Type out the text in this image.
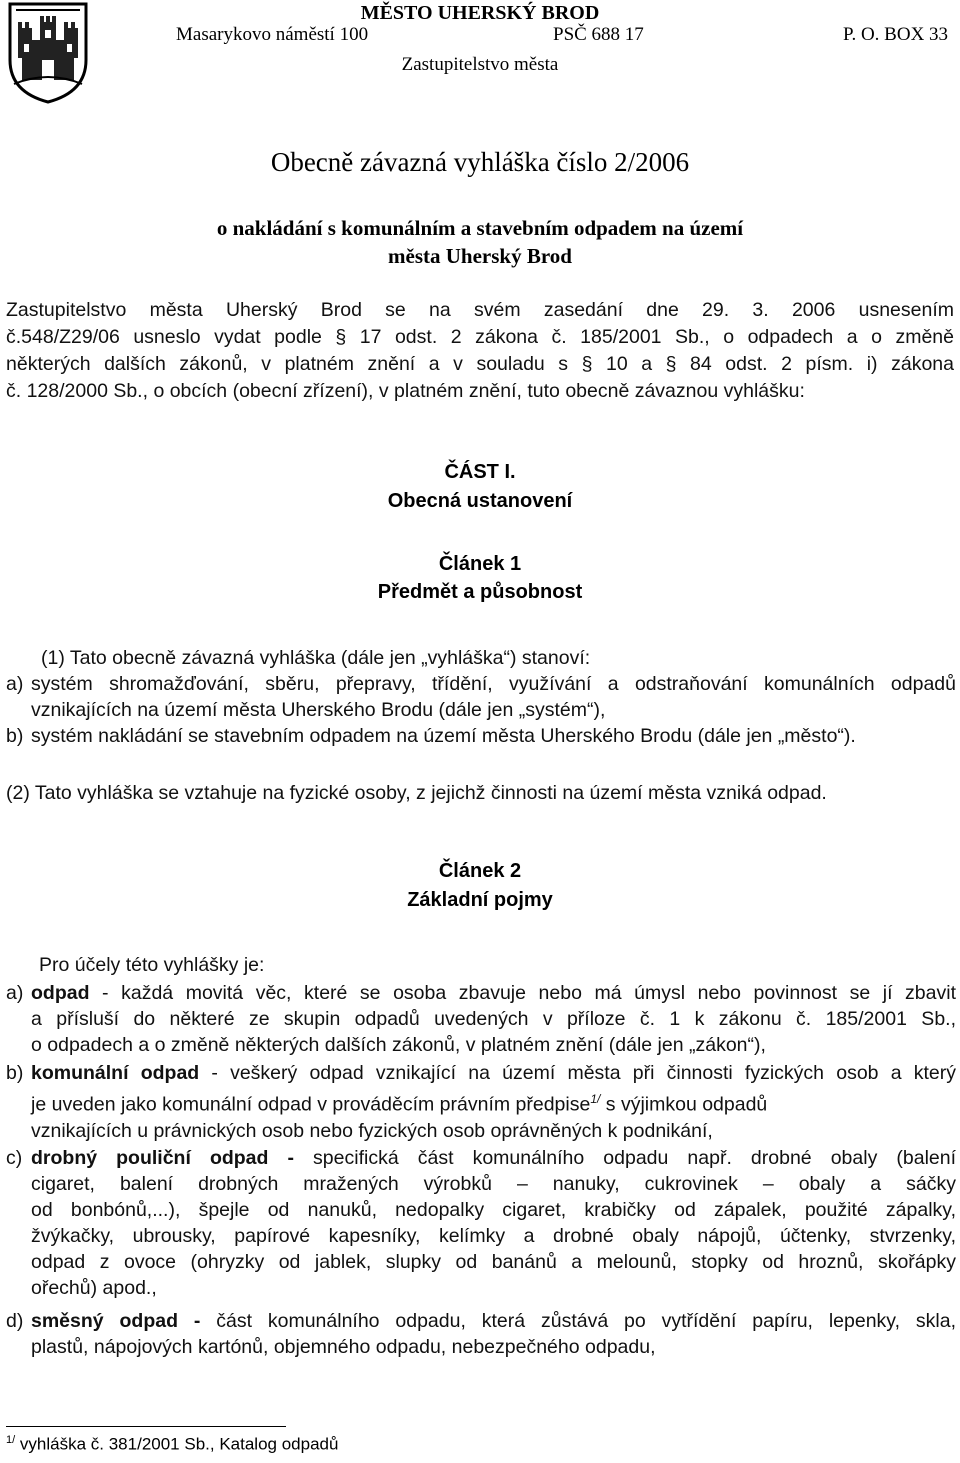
MĚSTO UHERSKÝ BROD
Masarykovo náměstí 100	PSČ 688 17	P. O. BOX 33
Zastupitelstvo města
Obecně závazná vyhláška číslo 2/2006
o nakládání s komunálním a stavebním odpadem na území
města Uherský Brod
Zastupitelstvo města Uherský Brod se na svém zasedání dne 29. 3. 2006 usnesením
č.548/Z29/06 usneslo vydat podle § 17 odst. 2 zákona č. 185/2001 Sb., o odpadech a o změně
některých dalších zákonů, v platném znění a v souladu s § 10 a § 84 odst. 2 písm. i) zákona
č. 128/2000 Sb., o obcích (obecní zřízení), v platném znění, tuto obecně závaznou vyhlášku:
ČÁST I.
Obecná ustanovení
Článek 1
Předmět a působnost
(1) Tato obecně závazná vyhláška (dále jen „vyhláška“) stanoví:
a) systém shromažďování, sběru, přepravy, třídění, využívání a odstraňování komunálních odpadů
vznikajících na území města Uherského Brodu (dále jen „systém“),
b) systém nakládání se stavebním odpadem na území města Uherského Brodu (dále jen „město“).
(2) Tato vyhláška se vztahuje na fyzické osoby, z jejichž činnosti na území města vzniká odpad.
Článek 2
Základní pojmy
Pro účely této vyhlášky je:
a) odpad - každá movitá věc, které se osoba zbavuje nebo má úmysl nebo povinnost se jí zbavit
a přísluší do některé ze skupin odpadů uvedených v příloze č. 1 k zákonu č. 185/2001 Sb.,
o odpadech a o změně některých dalších zákonů, v platném znění (dále jen „zákon“),
b) komunální odpad - veškerý odpad vznikající na území města při činnosti fyzických osob a který
je uveden jako komunální odpad v prováděcím právním předpise$^{1/}$ s výjimkou odpadů
vznikajících u právnických osob nebo fyzických osob oprávněných k podnikání,
c) drobný pouliční odpad - specifická část komunálního odpadu např. drobné obaly (balení
cigaret, balení drobných mražených výrobků – nanuky, cukrovinek – obaly a sáčky
od bonbónů,...), špejle od nanuků, nedopalky cigaret, krabičky od zápalek, použité zápalky,
žvýkačky, ubrousky, papírové kapesníky, kelímky a drobné obaly nápojů, účtenky, stvrzenky,
odpad z ovoce (ohryzky od jablek, slupky od banánů a melounů, stopky od hroznů, skořápky
ořechů) apod.,
d) směsný odpad - část komunálního odpadu, která zůstává po vytřídění papíru, lepenky, skla,
plastů, nápojových kartónů, objemného odpadu, nebezpečného odpadu,
$^{1/}$ vyhláška č. 381/2001 Sb., Katalog odpadů
